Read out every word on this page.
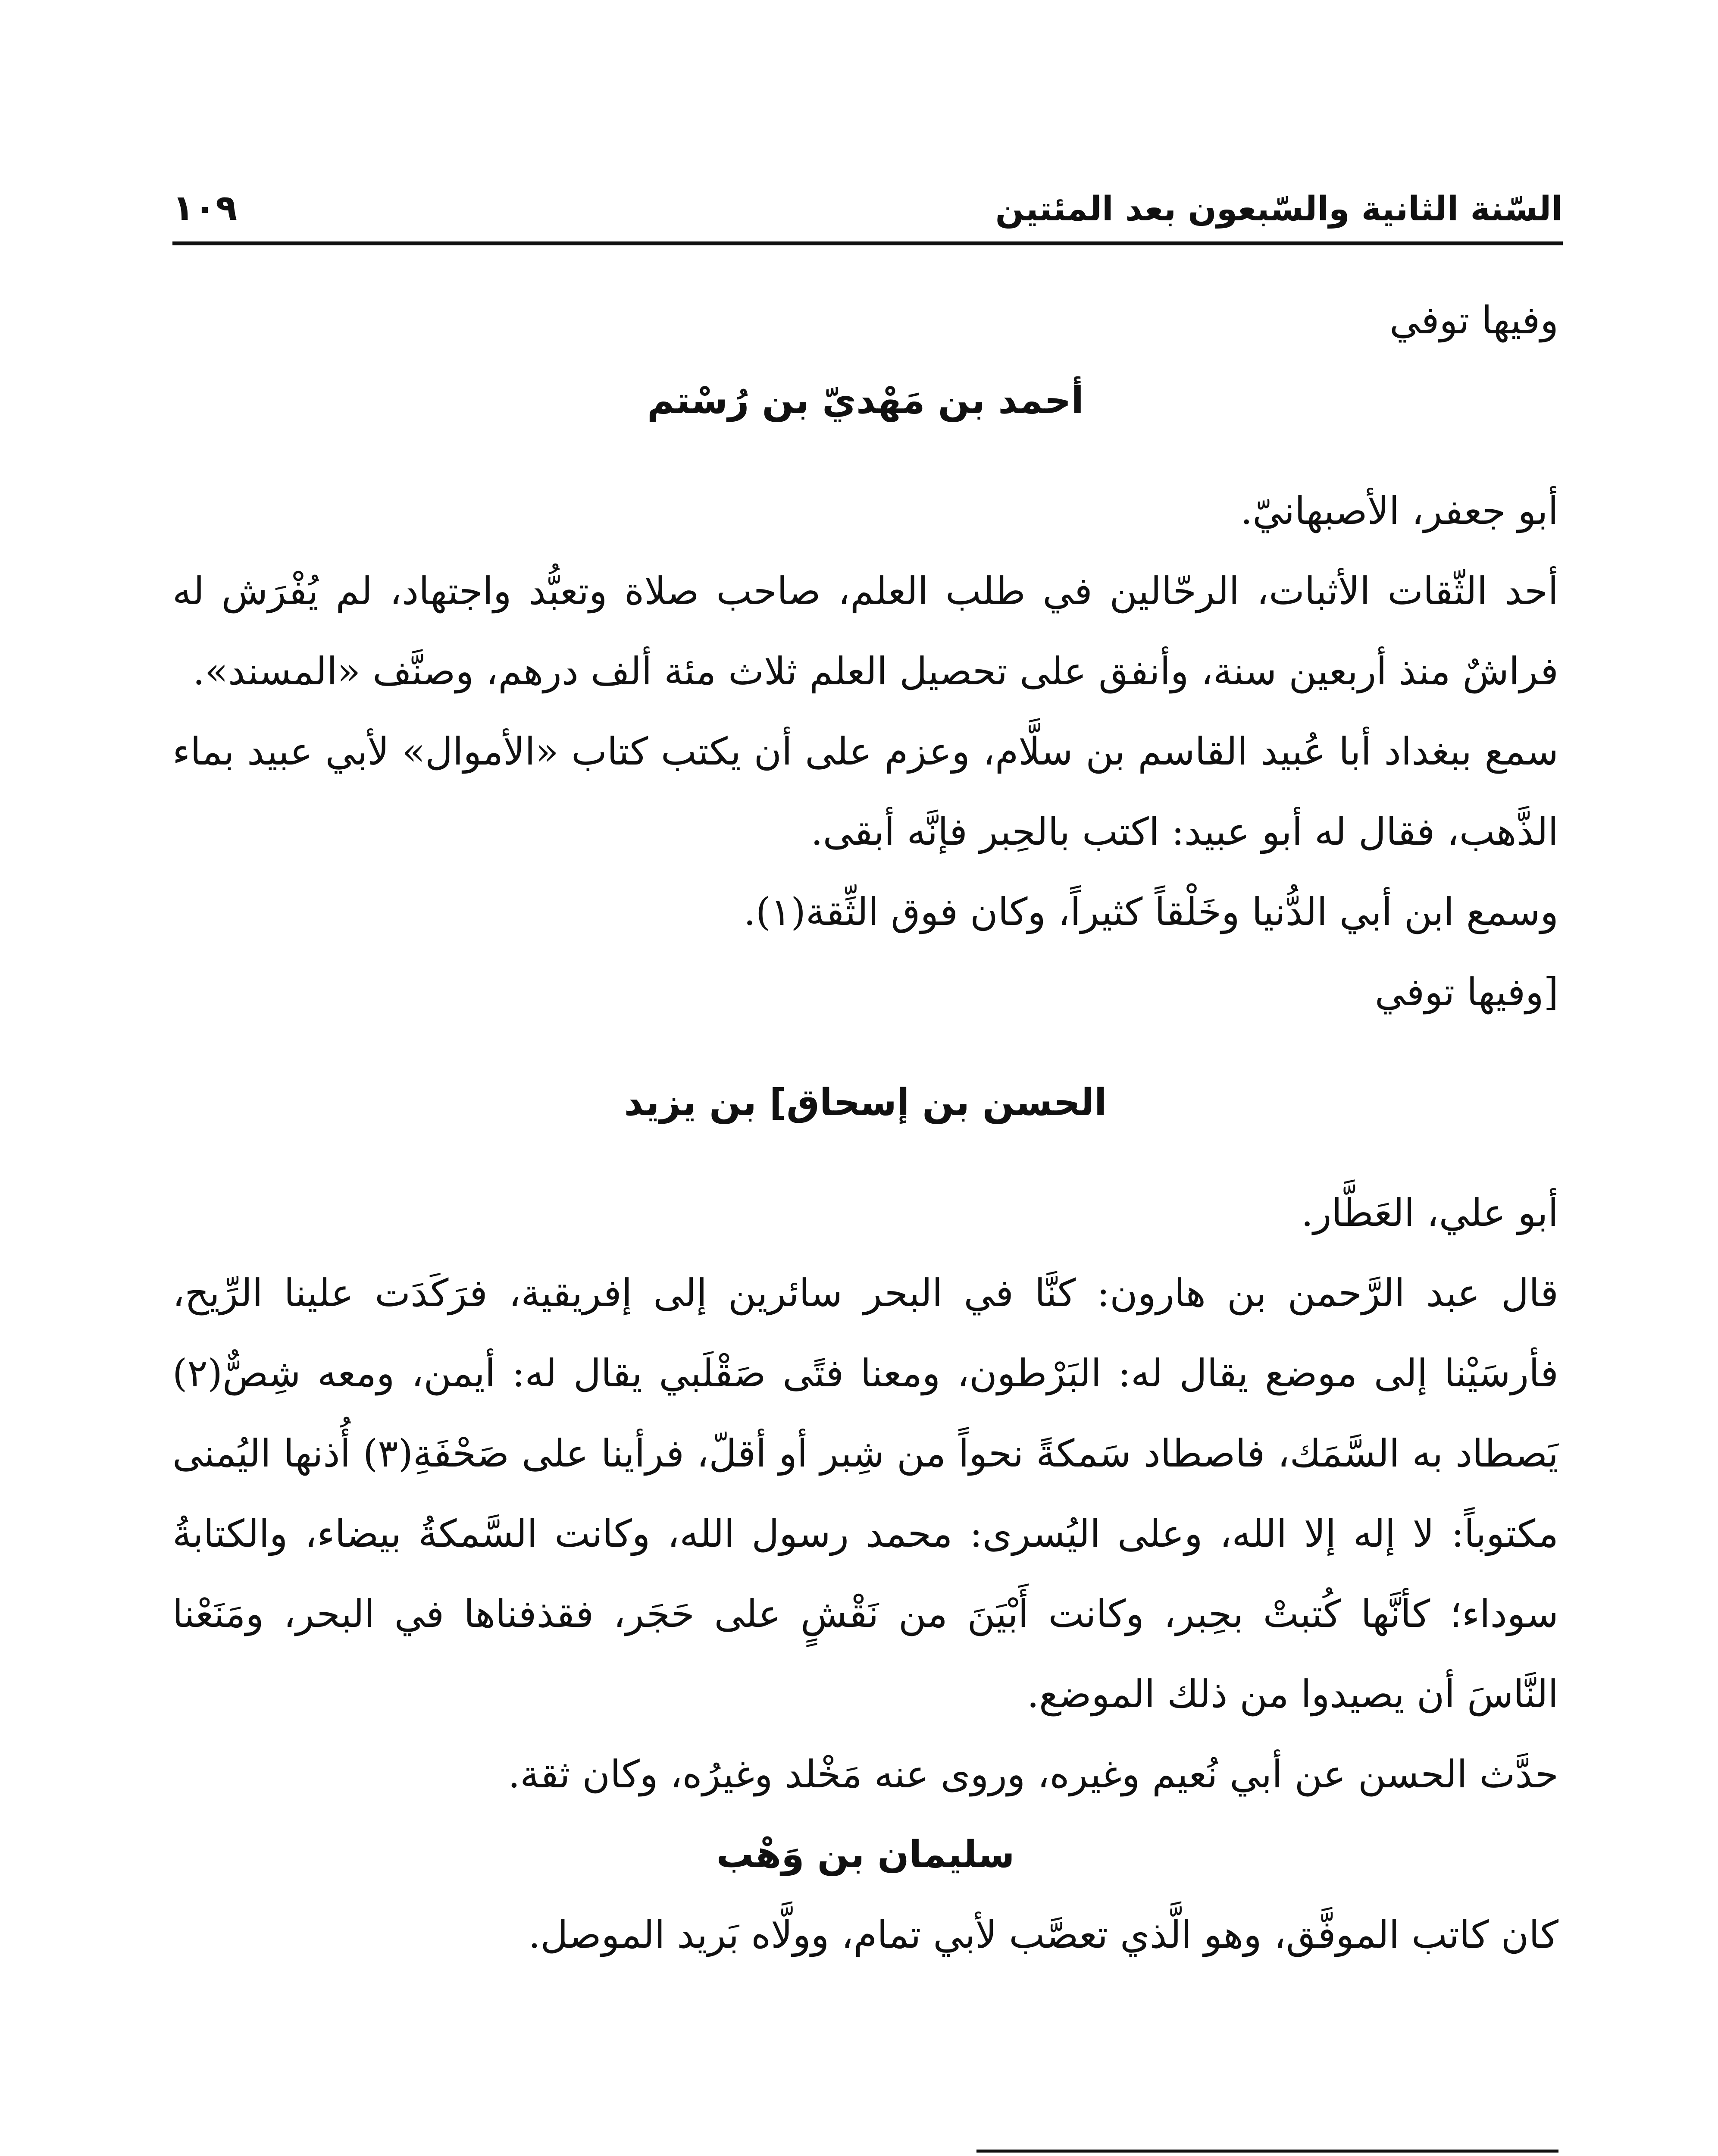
السّنة الثانية والسّبعون بعد المئتين
١٠٩

وفيها توفي

أحمد بن مَهْديّ بن رُسْتم

أبو جعفر، الأصبهانيّ.

أحد الثّقات الأثبات، الرحّالين في طلب العلم، صاحب صلاة وتعبُّد واجتهاد، لم يُفْرَش له فراشٌ منذ أربعين سنة، وأنفق على تحصيل العلم ثلاث مئة ألف درهم، وصنَّف «المسند».

سمع ببغداد أبا عُبيد القاسم بن سلَّام، وعزم على أن يكتب كتاب «الأموال» لأبي عبيد بماء الذَّهب، فقال له أبو عبيد: اكتب بالحِبر فإنَّه أبقى.

وسمع ابن أبي الدُّنيا وخَلْقاً كثيراً، وكان فوق الثِّقة(١).

[وفيها توفي

الحسن بن إسحاق] بن يزيد

أبو علي، العَطَّار.

قال عبد الرَّحمن بن هارون: كنَّا في البحر سائرين إلى إفريقية، فرَكَدَت علينا الرِّيح، فأرسَيْنا إلى موضع يقال له: البَرْطون، ومعنا فتًى صَقْلَبي يقال له: أيمن، ومعه شِصٌّ(٢) يَصطاد به السَّمَك، فاصطاد سَمكةً نحواً من شِبر أو أقلّ، فرأينا على صَحْفَةِ(٣) أُذنها اليُمنى مكتوباً: لا إله إلا الله، وعلى اليُسرى: محمد رسول الله، وكانت السَّمكةُ بيضاء، والكتابةُ سوداء؛ كأنَّها كُتبتْ بحِبر، وكانت أَبْيَنَ من نَقْشٍ على حَجَر، فقذفناها في البحر، ومَنَعْنا النَّاسَ أن يصيدوا من ذلك الموضع.

حدَّث الحسن عن أبي نُعيم وغيره، وروى عنه مَخْلد وغيرُه، وكان ثقة.

سليمان بن وَهْب

كان كاتب الموفَّق، وهو الَّذي تعصَّب لأبي تمام، وولَّاه بَريد الموصل.
